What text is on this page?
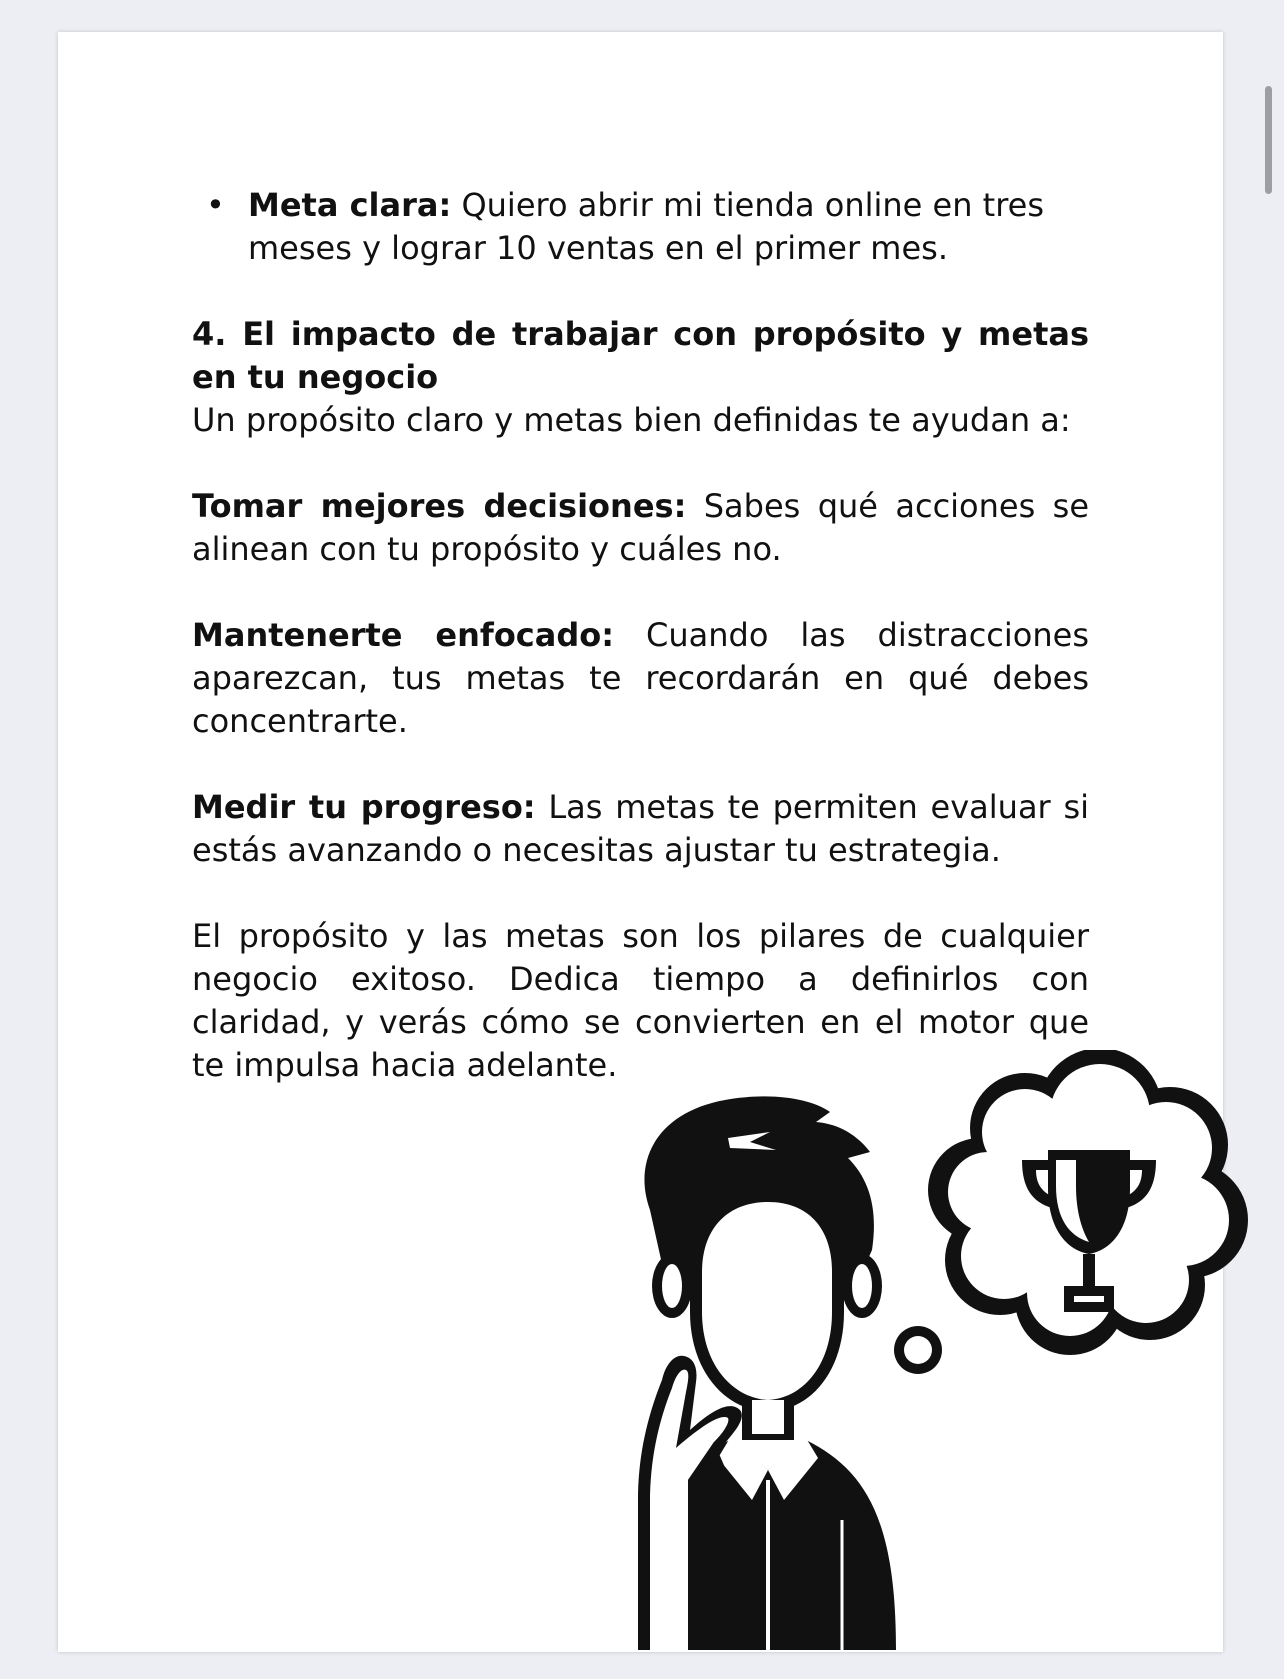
• Meta clara: Quiero abrir mi tienda online en tres meses y lograr 10 ventas en el primer mes.

4. El impacto de trabajar con propósito y metas en tu negocio

Un propósito claro y metas bien definidas te ayudan a:

Tomar mejores decisiones: Sabes qué acciones se alinean con tu propósito y cuáles no.

Mantenerte enfocado: Cuando las distracciones aparezcan, tus metas te recordarán en qué debes concentrarte.

Medir tu progreso: Las metas te permiten evaluar si estás avanzando o necesitas ajustar tu estrategia.

El propósito y las metas son los pilares de cualquier negocio exitoso. Dedica tiempo a definirlos con claridad, y verás cómo se convierten en el motor que te impulsa hacia adelante.
